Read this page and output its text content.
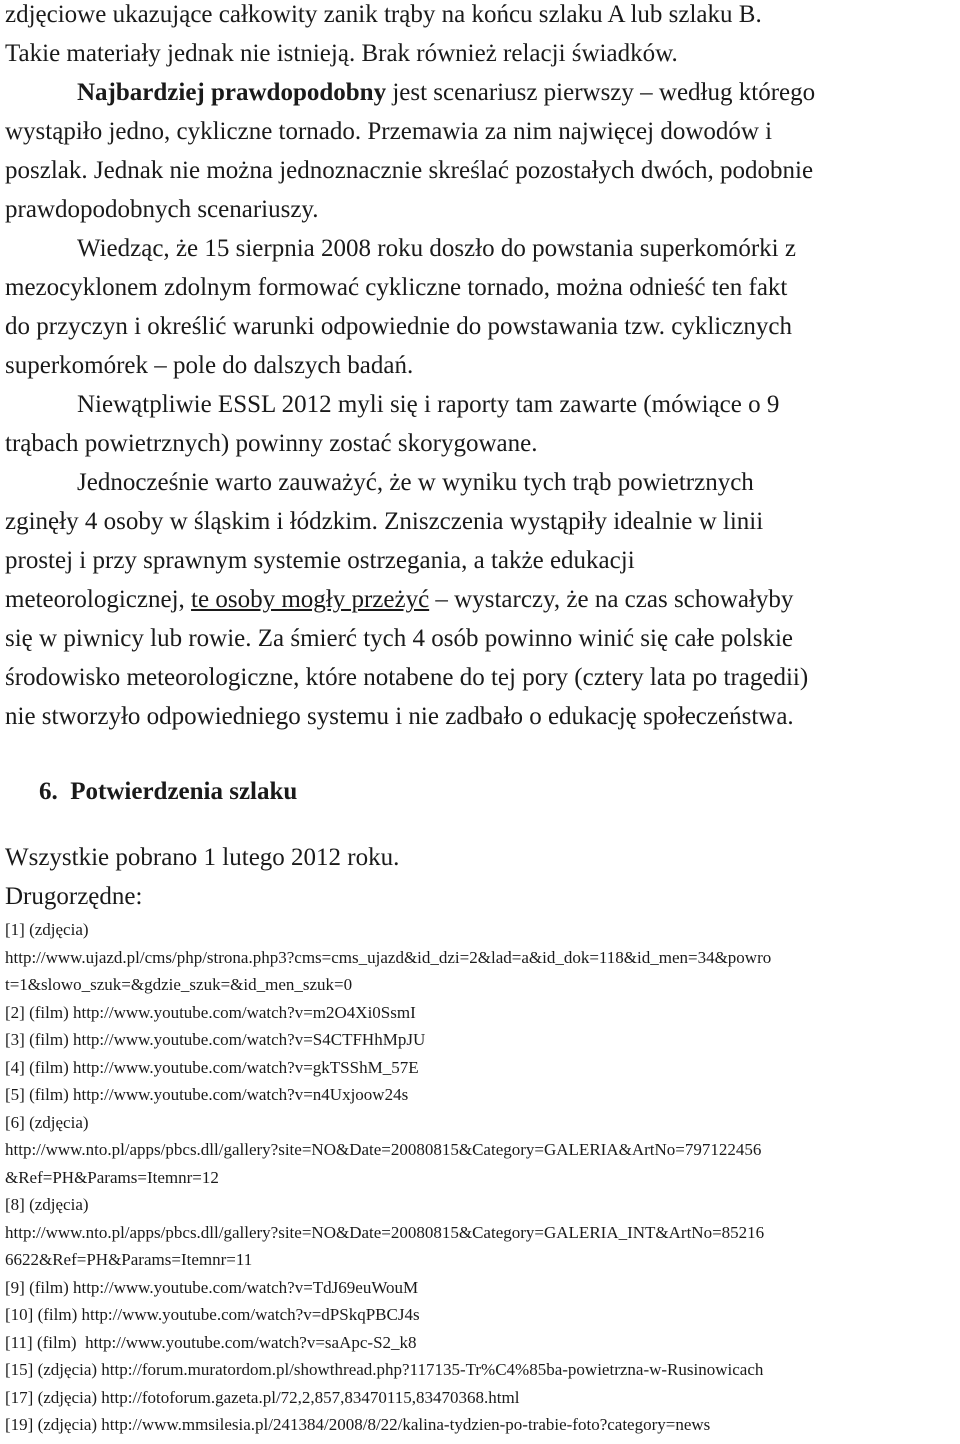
zdjęciowe ukazujące całkowity zanik trąby na końcu szlaku A lub szlaku B.
Takie materiały jednak nie istnieją. Brak również relacji świadków.
Najbardziej prawdopodobny jest scenariusz pierwszy – według którego
wystąpiło jedno, cykliczne tornado. Przemawia za nim najwięcej dowodów i
poszlak. Jednak nie można jednoznacznie skreślać pozostałych dwóch, podobnie
prawdopodobnych scenariuszy.
Wiedząc, że 15 sierpnia 2008 roku doszło do powstania superkomórki z
mezocyklonem zdolnym formować cykliczne tornado, można odnieść ten fakt
do przyczyn i określić warunki odpowiednie do powstawania tzw. cyklicznych
superkomórek – pole do dalszych badań.
Niewątpliwie ESSL 2012 myli się i raporty tam zawarte (mówiące o 9
trąbach powietrznych) powinny zostać skorygowane.
Jednocześnie warto zauważyć, że w wyniku tych trąb powietrznych
zginęły 4 osoby w śląskim i łódzkim. Zniszczenia wystąpiły idealnie w linii
prostej i przy sprawnym systemie ostrzegania, a także edukacji
meteorologicznej, te osoby mogły przeżyć – wystarczy, że na czas schowałyby
się w piwnicy lub rowie. Za śmierć tych 4 osób powinno winić się całe polskie
środowisko meteorologiczne, które notabene do tej pory (cztery lata po tragedii)
nie stworzyło odpowiedniego systemu i nie zadbało o edukację społeczeństwa.
6.  Potwierdzenia szlaku

Wszystkie pobrano 1 lutego 2012 roku.

Drugorzędne:

[1] (zdjęcia)
http://www.ujazd.pl/cms/php/strona.php3?cms=cms_ujazd&id_dzi=2&lad=a&id_dok=118&id_men=34&powro
t=1&slowo_szuk=&gdzie_szuk=&id_men_szuk=0
[2] (film) http://www.youtube.com/watch?v=m2O4Xi0SsmI
[3] (film) http://www.youtube.com/watch?v=S4CTFHhMpJU
[4] (film) http://www.youtube.com/watch?v=gkTSShM_57E
[5] (film) http://www.youtube.com/watch?v=n4Uxjoow24s
[6] (zdjęcia)
http://www.nto.pl/apps/pbcs.dll/gallery?site=NO&Date=20080815&Category=GALERIA&ArtNo=797122456
&Ref=PH&Params=Itemnr=12
[8] (zdjęcia)
http://www.nto.pl/apps/pbcs.dll/gallery?site=NO&Date=20080815&Category=GALERIA_INT&ArtNo=85216
6622&Ref=PH&Params=Itemnr=11
[9] (film) http://www.youtube.com/watch?v=TdJ69euWouM
[10] (film) http://www.youtube.com/watch?v=dPSkqPBCJ4s
[11] (film)  http://www.youtube.com/watch?v=saApc-S2_k8
[15] (zdjęcia) http://forum.muratordom.pl/showthread.php?117135-Tr%C4%85ba-powietrzna-w-Rusinowicach
[17] (zdjęcia) http://fotoforum.gazeta.pl/72,2,857,83470115,83470368.html
[19] (zdjęcia) http://www.mmsilesia.pl/241384/2008/8/22/kalina-tydzien-po-trabie-foto?category=news
